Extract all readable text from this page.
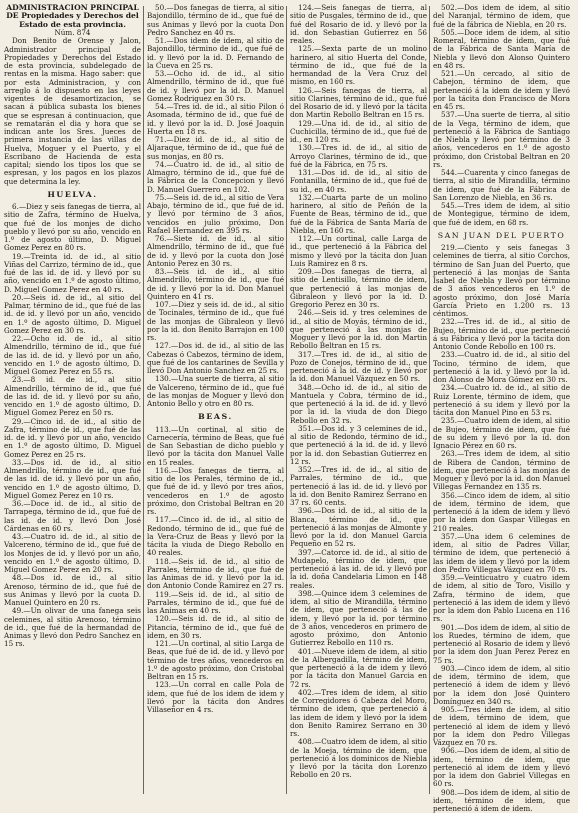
ADMINISTRACION PRINCIPAL DE Propiedades y Derechos del Estado de esta provincia.
Núm. 874

Don Benito de Orense y Jalon, Administrador principal de Propiedades y Derechos del Estado de esta provincia, subdelegado de rentas en la misma. Hago saber: que por esta Administracion, y con arreglo á lo dispuesto en las leyes vigentes de desamortizacion, se sacan á pública subasta los bienes que se espresan á continuacion, que se rematarán el dia y hora que se indican ante los Sres. Jueces de primera instancia de las villas de Huelva, Moguer y el Puerto, y el Escribano de Hacienda de esta capital; siendo los tipos los que se espresan, y los pagos en los plazos que determina la ley.

HUELVA.

6.—Diez y seis fanegas de tierra, al sitio de Zafra, término de Huelva, que fué de los monjes de dicho pueblo y llevó por su año, vencido en 1.º de agosto último, D. Miguel Gomez Perez en 80 rs.

19.—Treinta id. de id., al sitio Viñas del Carrizo, término de id., que fué de las id. de id. y llevó por su año, vencido en 1.º de agosto último, D. Miguel Gomez Perez en 40 rs.

20.—Seis id. de id., al sitio del Palmar, término de id., que fué de las id. de id. y llevó por un año, vencido en 1.º de agosto último, D. Miguel Gomez Perez en 30 rs.

22.—Ocho id. de id., al sitio Almendrillo, término de id., que fué de las id. de id. y llevó por un año, vencido en 1.º de agosto último, D. Miguel Gomez Perez en 55 rs.

23.—8 id. de id., al sitio Almendrillo, término de id., que fué de las id. de id. y llevó por su año, vencido en 1.º de agosto último, D. Miguel Gomez Perez en 50 rs.

29.—Cinco id. de id., al sitio de Zafra, término de id., que fué de las id. de id. y llevó por un año, vencido en 1.º de agosto último, D. Miguel Gomez Perez en 25 rs.

33.—Dos id. de id., al sitio Almendrillo, término de id., que fué de las id. de id. y llevó por un año, vencido en 1.º de agosto último, D. Miguel Gomez Perez en 10 rs.

36.—Doce id. de id., al sitio de Tarrapega, término de id., que fué de las id. de id. y llevó Don José Cárdenas en 60 rs.

43.—Cuatro id. de id., al sitio de Valcereno, término de id., que fué de los Monjes de id. y llevó por un año, vencido en 1.º de agosto último, D. Miguel Gomez Perez en 20 rs.

48.—Dos id. de id., al sitio Arenoso, término de id., que fué de sus Animas y llevó por la cuota D. Manuel Quintero en 20 rs.

49.—Un olivar de una fanega seis celemines, al sitio Arenoso, término de id., que fué de la hermandad de Animas y llevó don Pedro Sanchez en 15 rs.

50.—Dos fanegas de tierra, al sitio Bajondillo, término de id., que fué de sus Animas y llevó por la cuota Don Pedro Sanchez en 40 rs.

51.—Dos idem de idem, al sitio de Bajondillo, término de id., que fué de id. y llevó por la id. D. Fernando de la Cueva en 25 rs.

53.—Ocho id. de id., al sitio Almendrillo, término de id., que fué de id. y llevó por la id. D. Manuel Gomez Rodriguez en 30 rs.

54.—Tres id. de id., al sitio Pilon ó Asomada, término de id., que fué de id. y llevó por la id. D. José Joaquin Huerta en 18 rs.

71.—Diez id. de id., al sitio de Aljaraque, término de id., que fué de sus monjas, en 80 rs.

74.—Cuatro id. de id., al sitio de Almagro, término de id., que fué de la Fábrica de la Concepcion y llevó D. Manuel Guerrero en 102.

75.—Seis id. de id., al sitio de Vera Abajo, término de id., que fué de id. y llevó por término de 3 años, vencidos en julio próximo, Don Rafael Hernandez en 395 rs.

76.—Siete id. de id., al sitio Almendrillo, término de id., que fué de id. y llevó por la cuota don José Antonio Perez en 30 rs.

83.—Seis id. de id., al sitio Almendrillo, término de id., que fué de id. y llevó por la id. Don Manuel Quintero en 41 rs.

107.—Diez y seis id. de id., al sitio de Tocinales, término de id., que fué de las monjas de Gibraleon y llevó por la id. don Benito Barrajon en 100 rs.

127.—Dos id. de id., al sitio de las Cabezas ó Cabezos, término de idem, que fué de los cantarines de Sevilla y llevó Don Antonio Sanchez en 25 rs.

130.—Una suerte de tierra, al sitio de Valcereno, término de id., que fué de las monjas de Moguer y llevó don Antonio Bello y otro en 80 rs.

BEAS.

113.—Un cortinal, al sitio de Carnecería, término de Beas, que fué de San Sebastian de dicho pueblo y llevó por la tácita don Manuel Valle en 15 reales.

116.—Dos fanegas de tierra, al sitio de los Perales, término de id., que fué de id. y llevó por tres años, vencederos en 1.º de agosto próximo, don Cristobal Beltran en 20 rs.

117.—Cinco id. de id., al sitio de Redondo, término de id., que fué de la Vera-Cruz de Beas y llevó por la tácita la viuda de Diego Rebollo en 40 reales.

118.—Seis id. de id., al sitio de Parrales, término de id., que fué de las Animas de id. y llevó por la id. don Antonio Conde Ramirez en 27 rs.

119.—Seis id. de id., al sitio de Parrales, término de id., que fué de las Animas en 40 rs.

120.—Seis id. de id., al sitio de Pitancia, término de id., que fué de idem, en 30 rs.

121.—Un cortinal, al sitio Larga de Beas, que fué de id. de id. y llevó por término de tres años, vencederos en 1.º de agosto próximo, don Cristobal Beltran en 15 rs.

123.—Un corral en calle Pola de idem, que fué de los idem de idem y llevó por la tácita don Andres Villaseñor en 4 rs.

124.—Seis fanegas de tierra, al sitio de Pusgales, término de id., que fué del Rosario de id. y llevó por la id. don Sebastian Gutierrez en 56 reales.

125.—Sexta parte de un molino harinero, al sitio Huerta del Conde, término de id., que fué de la hermandad de la Vera Cruz del mismo, en 160 rs.

126.—Seis fanegas de tierra, al sitio Clarines, término de id., que fué del Rosario de id. y llevó por la tácita don Martin Rebollo Beltran en 15 rs.

129.—Una id. de id., al sitio de Cuchicilla, término de id., que fué de id., en 120 rs.

130.—Tres id. de id., al sitio de Arroyo Clarines, término de id., que fué de la Fábrica, en 75 rs.

131.—Dos id. de id., al sitio de Fontanilla, término de id., que fué de su id., en 40 rs.

132.—Cuarta parte de un molino harinero, al sitio de Peñón de la Fuente de Beas, término de id., que fué de la Fábrica de Santa María de Niebla, en 160 rs.

112.—Un cortinal, calle Larga de id., que perteneció á la Fábrica del mismo y llevó por la tácita don Juan Luis Ramirez en 8 rs.

209.—Dos fanegas de tierra, al sitio de Lentisillo, término de idem, que perteneció á las monjas de Gibraleon y llevó por la id. D. Gregorio Perez en 30 rs.

246.—Seis id. y tres celemines de id., al sitio de Moyás, término de id., que perteneció á las monjas de Moguer y llevó por la id. don Martin Rebollo Beltran en 15 rs.

317.—Tres id. de id., al sitio de Pozo de Conejos, término de id., que perteneció á la id. de id. y llevó por la id. don Manuel Vázquez en 50 rs.

348.—Ocho id. de id., al sitio de Mantuela y Cobra, término de id., que perteneció á la id. de id. y llevó por la id. la viuda de don Diego Rebollo en 32 rs.

351.—Dos id. y 3 celemines de id., al sitio de Redondo, término de id., que perteneció á la id. de id. y llevó por la id. don Sebastian Gutierrez en 12 rs.

352.—Tres id. de id., al sitio de Parrales, término de id., que perteneció á las id. de id. y llevó por la id. don Benito Ramirez Serrano en 37 rs. 60 cents.

396.—Dos id. de id., al sitio de la Blanca, término de id., que perteneció á las monjas de Almonte y llevó por la id. don Manuel Garcia Pequeño en 52 rs.

397.—Catorce id. de id., al sitio de Mudapelo, término de idem, que perteneció á las id. de id. y llevó por la id. doña Candelaria Limon en 148 reales.

398.—Quince idem 3 celemines de idem, al sitio de Mirandilla, término de idem, que perteneció á las de idem, y llevó por la id. por término de 3 años, vencederos en primero de agosto próximo, don Antonio Gutierrez Rebollo en 110 rs.

401.—Nueve idem de idem, al sitio de la Albergadilla, término de idem, que perteneció á la de idem y llevó por la tácita don Manuel Garcia en 72 rs.

402.—Tres idem de idem, al sitio de Corregidores ó Cabeza del Moro, término de idem, que perteneció á las idem de idem y llevó por la idem don Benito Ramirez Serrano en 30 rs.

408.—Cuatro idem de idem, al sitio de la Moeja, término de idem, que perteneció á los dominicos de Niebla y llevó por la tácita don Lorenzo Rebollo en 20 rs.

502.—Dos idem de idem, al sitio del Naranjal, término de idem, que fué de la fábrica de Niebla, en 20 rs.

505.—Doce idem de idem, al sitio Romeral, término de idem, que fué de la Fábrica de Santa María de Niebla y llevó don Alonso Quintero en 48 rs.

521.—Un cercado, al sitio de Cabejon, término de idem, que perteneció á la idem de idem y llevó por la tácita don Francisco de Mora en 45 rs.

537.—Una suerte de tierra, al sitio de la Vega, término de idem, que perteneció á la Fábrica de Santiago de Niebla y llevó por término de 3 años, vencederos en 1.º de agosto próximo, don Cristobal Beltran en 20 rs.

544.—Cuarenta y cinco fanegas de tierra, al sitio de Mirandilla, término de idem, que fué de la Fábrica de San Lorenzo de Niebla, en 36 rs.

545.—Tres idem de idem, al sitio de Montegigue, término de idem, que fué de idem, en 68 rs.

SAN JUAN DEL PUERTO

219.—Ciento y seis fanegas 3 celemines de tierra, al sitio Corchos, término de San Juan del Puerto, que perteneció á las monjas de Santa Isabel de Niebla y llevó por término de 3 años vencederos en 1.º de agosto próximo, don José María García Prieto en 1.200 rs. 13 céntimos.

232.—Tres id. de id., al sitio de Bujeo, término de id., que perteneció á su Fábrica y llevó por la tácita don Antonio Conde Rebollo en 100 rs.

233.—Cuatro id. de id., al sitio del Tocino, término de idem, que perteneció á la id. y llevó por la id. don Alonso de Mora Gómez en 30 rs.

234.—Cuatro id. de id., al sitio de Ruiz Lorente, término de idem, que perteneció á su idem y llevó por la tácita don Manuel Pino en 53 rs.

235.—Cuatro idem de idem, al sitio de Bujeo, término de idem, que fué de su idem y llevó por la id. don Ignacio Pérez en 60 rs.

263.—Tres idem de idem, al sitio de Ribera de Candon, término de idem, que perteneció á las monjas de Moguer y llevó por la id. don Manuel Villegas Fernandez en 135 rs.

356.—Cinco idem de idem, al sitio de idem, término de idem, que perteneció á la idem de idem y llevó por la idem don Gaspar Villegas en 210 reales.

357.—Una idem 6 celemines de idem, al sitio de Padres Villar, término de idem, que perteneció á las idem de idem y llevó por la idem don Pedro Villegas Vázquez en 70 rs.

359.—Veinticuatro y cuatro idem de idem, al sitio de Toro, Visillo y Zafra, término de idem, que perteneció á las idem de idem y llevó por la idem don Pablo Lucena en 116 rs.

901.—Dos idem de idem, al sitio de los Ruedes, término de idem, que perteneció al Rosario de idem y llevó por la idem don Juan Perez Perez en 75 rs.

903.—Cinco idem de idem, al sitio de idem, término de idem, que perteneció á idem de idem y llevó por la idem don José Quintero Domínguez en 340 rs.

905.—Tres idem de idem, al sitio de idem, término de idem, que perteneció al idem de idem y llevó por la idem don Pedro Villegas Vázquez en 70 rs.

906.—Dos idem de idem, al sitio de idem, término de idem, que perteneció al idem de idem y llevó por la idem don Gabriel Villegas en 60 rs.

908.—Dos idem de idem, al sitio de idem, término de idem, que perteneció á idem de idem.
